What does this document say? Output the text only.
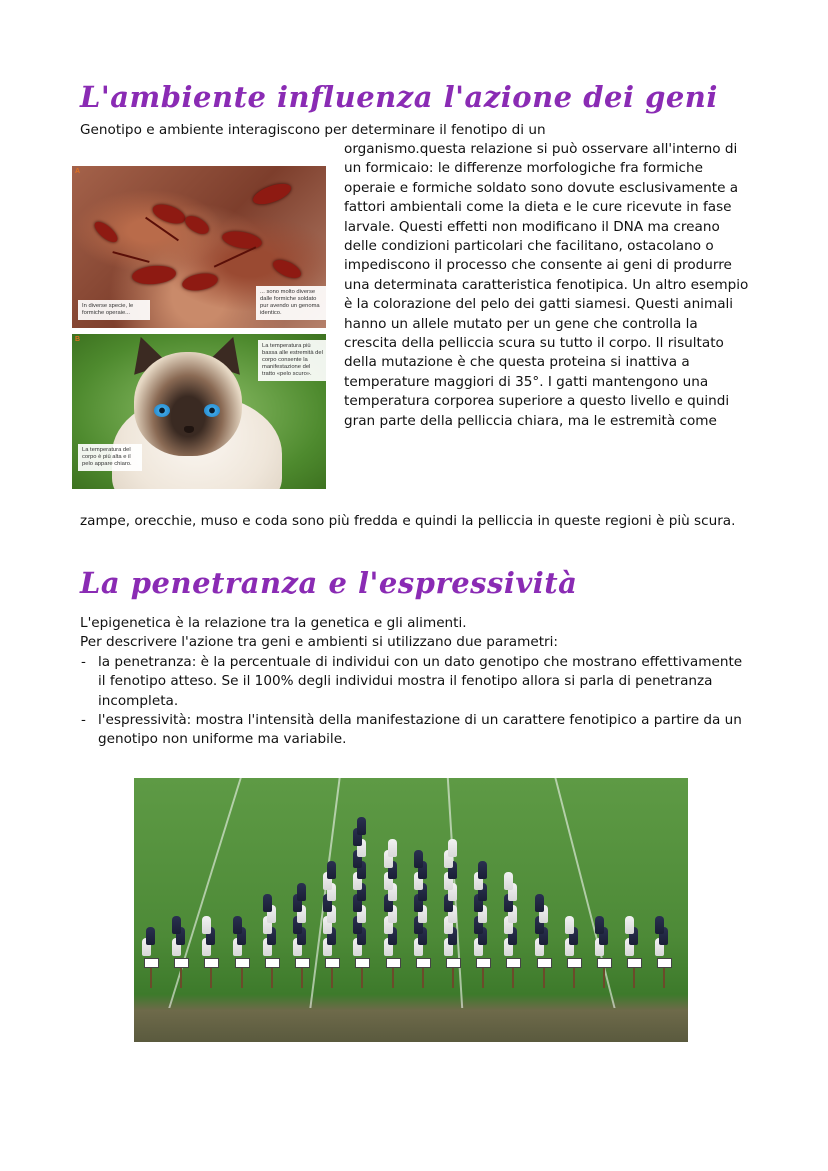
L'ambiente influenza l'azione dei geni
Genotipo e ambiente interagiscono per determinare il fenotipo di un
A
In diverse specie, le formiche operaie...
... sono molto diverse dalle formiche soldato pur avendo un genoma identico.
B
La temperatura più bassa alle estremità del corpo consente la manifestazione del tratto «pelo scuro».
La temperatura del corpo è più alta e il pelo appare chiaro.
organismo.questa relazione si può osservare all'interno di un formicaio: le differenze morfologiche fra formiche operaie e formiche soldato sono dovute esclusivamente a fattori ambientali come la dieta e le cure ricevute in fase larvale. Questi effetti non modificano il DNA ma creano delle condizioni particolari che facilitano, ostacolano o impediscono il processo che consente ai geni di produrre una determinata caratteristica fenotipica. Un altro esempio è la colorazione del pelo dei gatti siamesi. Questi animali hanno un allele mutato per un gene che controlla la crescita della pelliccia scura su tutto il corpo. Il risultato della mutazione è che questa proteina si inattiva a temperature maggiori di 35°. I gatti mantengono una temperatura corporea superiore a questo livello e quindi gran parte della pelliccia chiara, ma le estremità come
zampe, orecchie, muso e coda sono più fredda e quindi la pelliccia in queste regioni è più scura.
La penetranza e l'espressività

L'epigenetica è la relazione tra la genetica e gli alimenti.

Per descrivere l'azione tra geni e ambienti si utilizzano due parametri:

- la penetranza: è la percentuale di individui con un dato genotipo che mostrano effettivamente il fenotipo atteso. Se il 100% degli individui mostra il fenotipo allora si parla di penetranza incompleta.
- l'espressività: mostra l'intensità della manifestazione di un carattere fenotipico a partire da un genotipo non uniforme ma variabile.
